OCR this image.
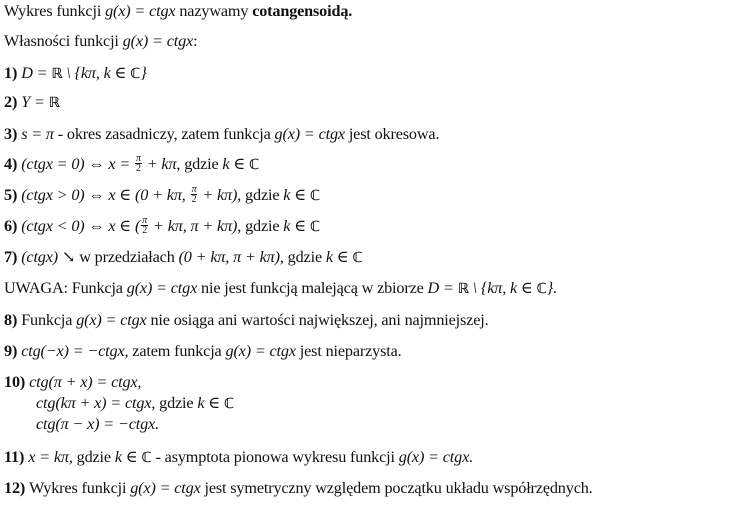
Wykres funkcji g(x) = ctgx nazywamy cotangensoidą.
Własności funkcji g(x) = ctgx:
1) D = ℝ \ {kπ, k ∈ ℂ}
2) Y = ℝ
3) s = π - okres zasadniczy, zatem funkcja g(x) = ctgx jest okresowa.
4) (ctgx = 0) ⇔ $x = \frac{\pi}{2} + k\pi$, gdzie k ∈ ℂ
5) (ctgx > 0) ⇔ x ∈ (0 + kπ, $\frac{\pi}{2} + k\pi$), gdzie k ∈ ℂ
6) (ctgx < 0) ⇔ x ∈ ( $\frac{\pi}{2} + k\pi$, π + kπ), gdzie k ∈ ℂ
7) (ctgx) ↘ w przedziałach (0 + kπ, π + kπ), gdzie k ∈ ℂ
UWAGA: Funkcja g(x) = ctgx nie jest funkcją malejącą w zbiorze D = ℝ \ {kπ, k ∈ ℂ}.
8) Funkcja g(x) = ctgx nie osiąga ani wartości największej, ani najmniejszej.
9) ctg(−x) = −ctgx, zatem funkcja g(x) = ctgx jest nieparzysta.
10) ctg(π + x) = ctgx,
ctg(kπ + x) = ctgx, gdzie k ∈ ℂ
ctg(π − x) = −ctgx.
11) x = kπ, gdzie k ∈ ℂ - asymptota pionowa wykresu funkcji g(x) = ctgx.
12) Wykres funkcji g(x) = ctgx jest symetryczny względem początku układu współrzędnych.
